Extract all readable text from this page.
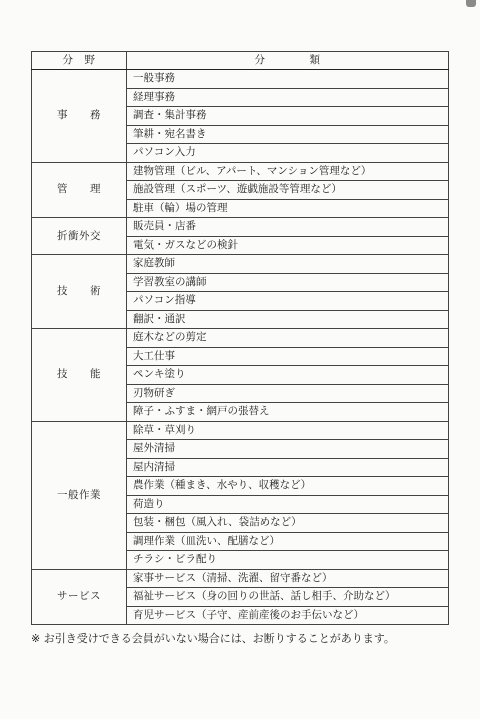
分　野	分　　　　類
事　　務	一般事務
	経理事務
	調査・集計事務
	筆耕・宛名書き
	パソコン入力
管　　理	建物管理（ビル、アパート、マンション管理など）
	施設管理（スポーツ、遊戯施設等管理など）
	駐車（輪）場の管理
折衝外交	販売員・店番
	電気・ガスなどの検針
技　　術	家庭教師
	学習教室の講師
	パソコン指導
	翻訳・通訳
技　　能	庭木などの剪定
	大工仕事
	ペンキ塗り
	刃物研ぎ
	障子・ふすま・網戸の張替え
一般作業	除草・草刈り
	屋外清掃
	屋内清掃
	農作業（種まき、水やり、収穫など）
	荷造り
	包装・梱包（風入れ、袋詰めなど）
	調理作業（皿洗い、配膳など）
	チラシ・ビラ配り
サービス	家事サービス（清掃、洗濯、留守番など）
	福祉サービス（身の回りの世話、話し相手、介助など）
	育児サービス（子守、産前産後のお手伝いなど）

※ お引き受けできる会員がいない場合には、お断りすることがあります。
